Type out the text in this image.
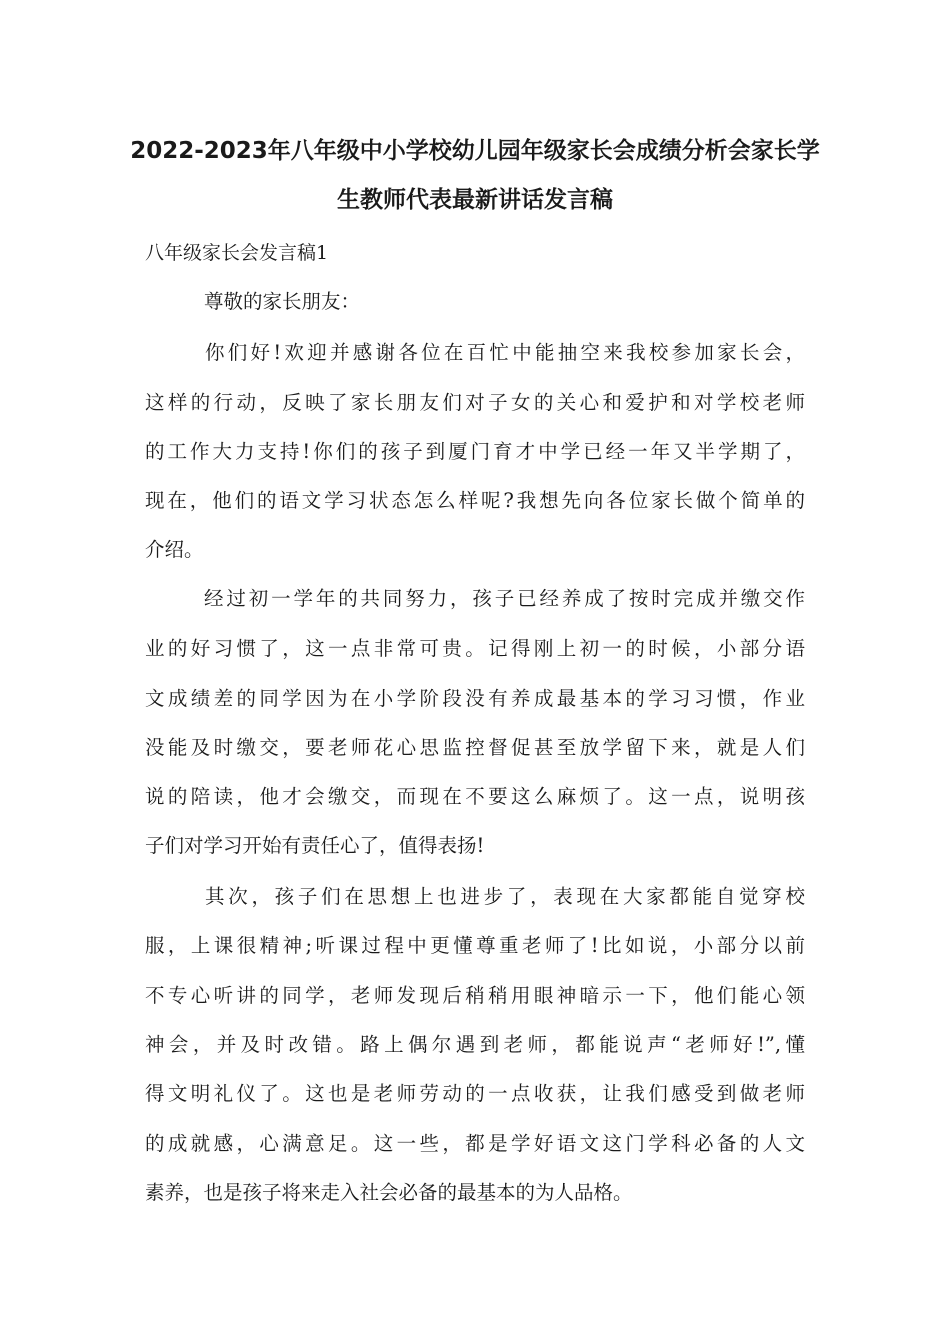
2022-2023年八年级中小学校幼儿园年级家长会成绩分析会家长学
生教师代表最新讲话发言稿
八年级家长会发言稿1
尊敬的家长朋友：
你们好!欢迎并感谢各位在百忙中能抽空来我校参加家长会，
这样的行动，反映了家长朋友们对子女的关心和爱护和对学校老师
的工作大力支持!你们的孩子到厦门育才中学已经一年又半学期了，
现在，他们的语文学习状态怎么样呢?我想先向各位家长做个简单的
介绍。
经过初一学年的共同努力，孩子已经养成了按时完成并缴交作
业的好习惯了，这一点非常可贵。记得刚上初一的时候，小部分语
文成绩差的同学因为在小学阶段没有养成最基本的学习习惯，作业
没能及时缴交，要老师花心思监控督促甚至放学留下来，就是人们
说的陪读，他才会缴交，而现在不要这么麻烦了。这一点，说明孩
子们对学习开始有责任心了，值得表扬!
其次，孩子们在思想上也进步了，表现在大家都能自觉穿校
服，上课很精神;听课过程中更懂尊重老师了!比如说，小部分以前
不专心听讲的同学，老师发现后稍稍用眼神暗示一下，他们能心领
神会，并及时改错。路上偶尔遇到老师，都能说声“老师好!”,懂
得文明礼仪了。这也是老师劳动的一点收获，让我们感受到做老师
的成就感，心满意足。这一些，都是学好语文这门学科必备的人文
素养，也是孩子将来走入社会必备的最基本的为人品格。
